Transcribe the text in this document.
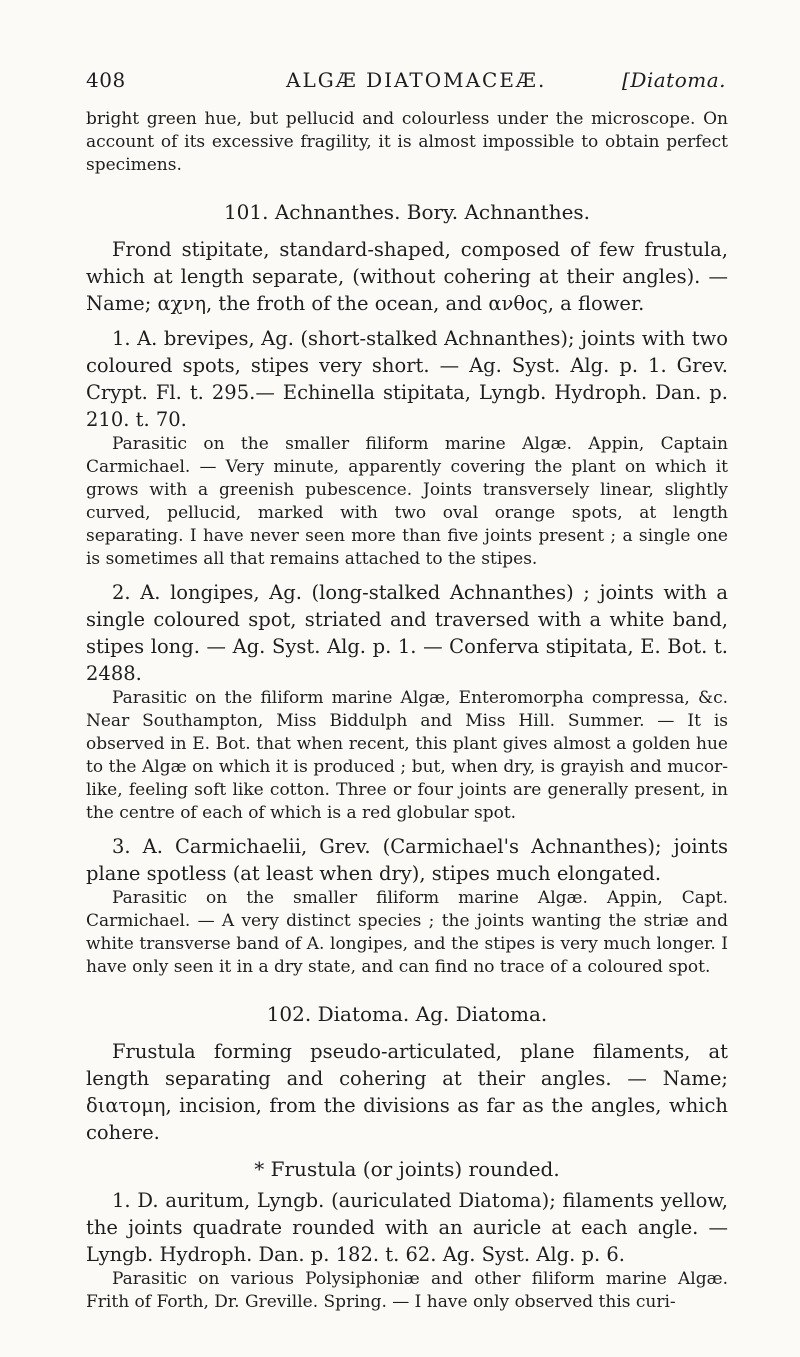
408	ALGÆ DIATOMACEÆ.	[Diatoma.

bright green hue, but pellucid and colourless under the microscope. On account of its excessive fragility, it is almost impossible to obtain perfect specimens.

101. Achnanthes. Bory. Achnanthes.

Frond stipitate, standard-shaped, composed of few frustula, which at length separate, (without cohering at their angles). — Name; αχνη, the froth of the ocean, and ανθος, a flower.

1. A. brevipes, Ag. (short-stalked Achnanthes); joints with two coloured spots, stipes very short. — Ag. Syst. Alg. p. 1. Grev. Crypt. Fl. t. 295.— Echinella stipitata, Lyngb. Hydroph. Dan. p. 210. t. 70.

Parasitic on the smaller filiform marine Algæ. Appin, Captain Carmichael. — Very minute, apparently covering the plant on which it grows with a greenish pubescence. Joints transversely linear, slightly curved, pellucid, marked with two oval orange spots, at length separating. I have never seen more than five joints present ; a single one is sometimes all that remains attached to the stipes.

2. A. longipes, Ag. (long-stalked Achnanthes) ; joints with a single coloured spot, striated and traversed with a white band, stipes long. — Ag. Syst. Alg. p. 1. — Conferva stipitata, E. Bot. t. 2488.

Parasitic on the filiform marine Algæ, Enteromorpha compressa, &c. Near Southampton, Miss Biddulph and Miss Hill. Summer. — It is observed in E. Bot. that when recent, this plant gives almost a golden hue to the Algæ on which it is produced ; but, when dry, is grayish and mucor-like, feeling soft like cotton. Three or four joints are generally present, in the centre of each of which is a red globular spot.

3. A. Carmichaelii, Grev. (Carmichael's Achnanthes); joints plane spotless (at least when dry), stipes much elongated.

Parasitic on the smaller filiform marine Algæ. Appin, Capt. Carmichael. — A very distinct species ; the joints wanting the striæ and white transverse band of A. longipes, and the stipes is very much longer. I have only seen it in a dry state, and can find no trace of a coloured spot.

102. Diatoma. Ag. Diatoma.

Frustula forming pseudo-articulated, plane filaments, at length separating and cohering at their angles. — Name; διατομη, incision, from the divisions as far as the angles, which cohere.

* Frustula (or joints) rounded.

1. D. auritum, Lyngb. (auriculated Diatoma); filaments yellow, the joints quadrate rounded with an auricle at each angle. — Lyngb. Hydroph. Dan. p. 182. t. 62. Ag. Syst. Alg. p. 6.

Parasitic on various Polysiphoniæ and other filiform marine Algæ. Frith of Forth, Dr. Greville. Spring. — I have only observed this curi-
